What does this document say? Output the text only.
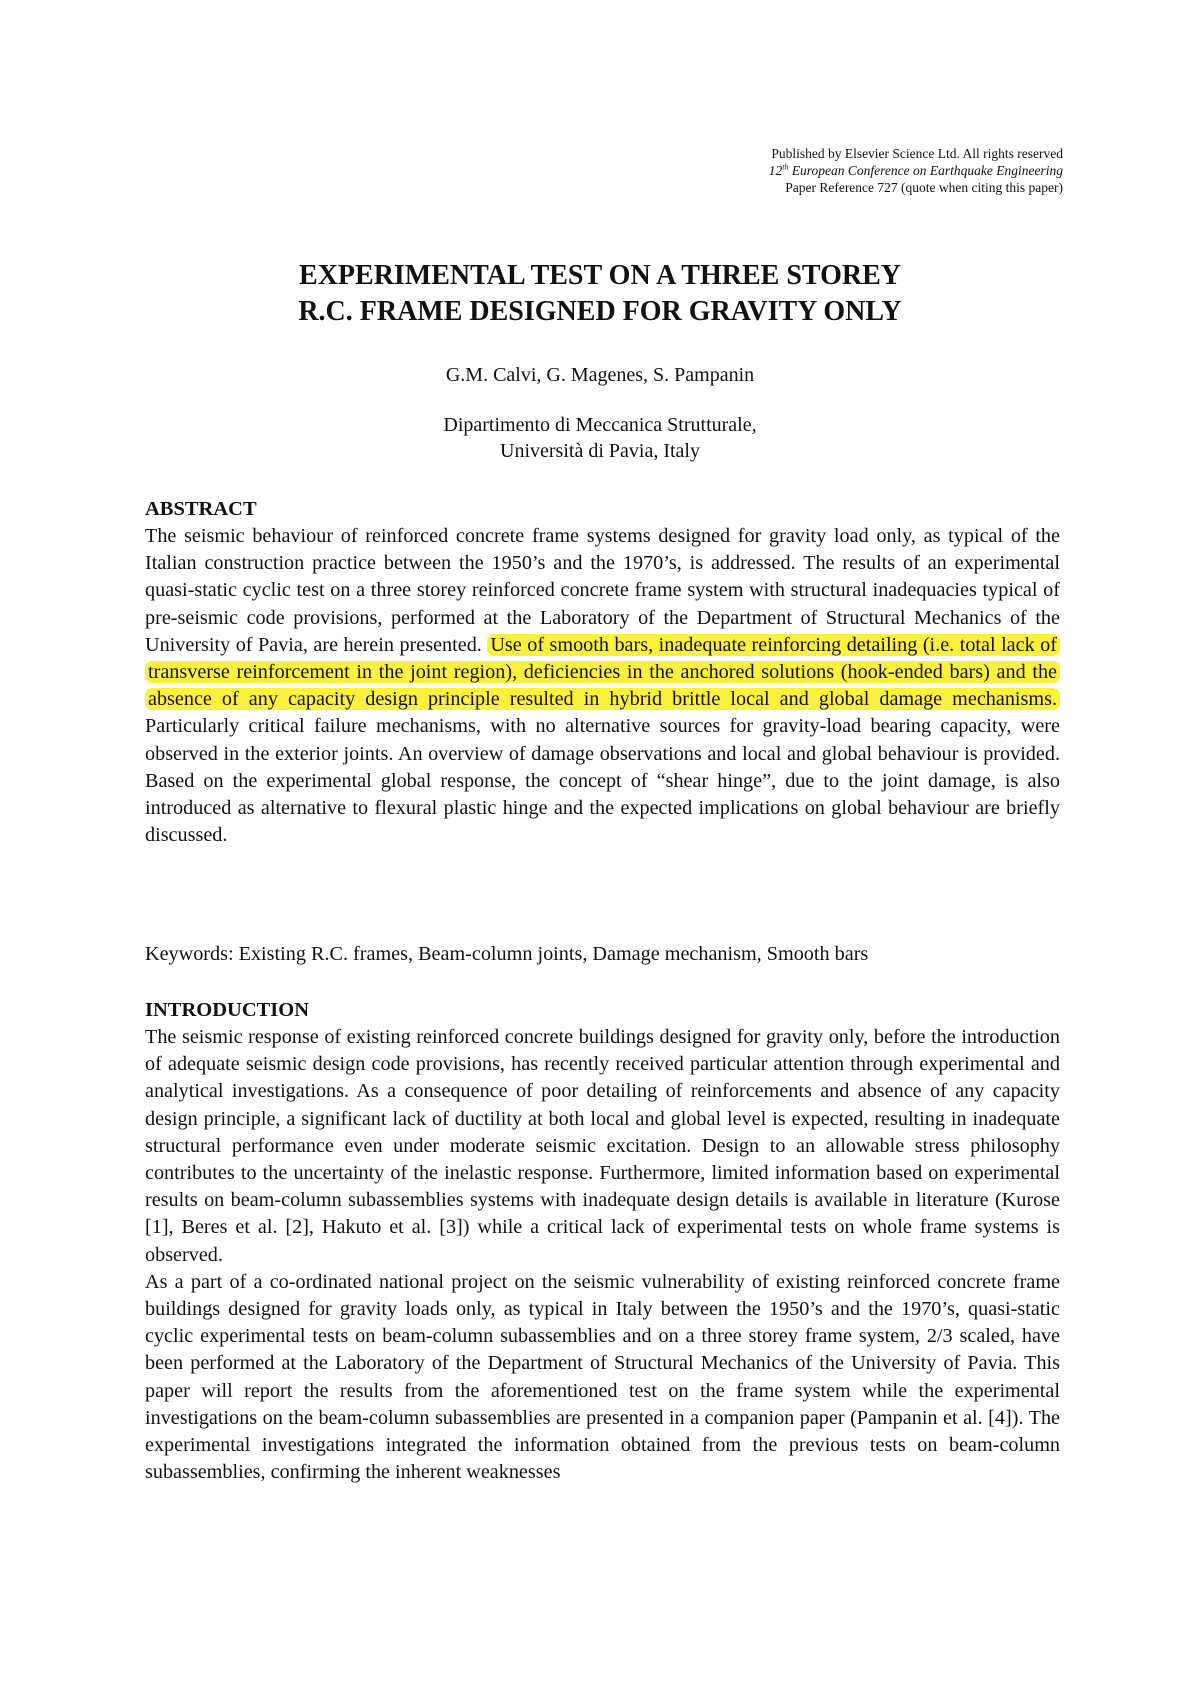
Published by Elsevier Science Ltd. All rights reserved
12th European Conference on Earthquake Engineering
Paper Reference 727 (quote when citing this paper)
EXPERIMENTAL TEST ON A THREE STOREY
R.C. FRAME DESIGNED FOR GRAVITY ONLY
G.M. Calvi, G. Magenes, S. Pampanin
Dipartimento di Meccanica Strutturale,
Università di Pavia, Italy
ABSTRACT

The seismic behaviour of reinforced concrete frame systems designed for gravity load only, as typical of the Italian construction practice between the 1950’s and the 1970’s, is addressed. The results of an experimental quasi-static cyclic test on a three storey reinforced concrete frame system with structural inadequacies typical of pre-seismic code provisions, performed at the Laboratory of the Department of Structural Mechanics of the University of Pavia, are herein presented. Use of smooth bars, inadequate reinforcing detailing (i.e. total lack of transverse reinforcement in the joint region), deficiencies in the anchored solutions (hook-ended bars) and the absence of any capacity design principle resulted in hybrid brittle local and global damage mechanisms. Particularly critical failure mechanisms, with no alternative sources for gravity-load bearing capacity, were observed in the exterior joints. An overview of damage observations and local and global behaviour is provided. Based on the experimental global response, the concept of “shear hinge”, due to the joint damage, is also introduced as alternative to flexural plastic hinge and the expected implications on global behaviour are briefly discussed.

Keywords: Existing R.C. frames, Beam-column joints, Damage mechanism, Smooth bars
INTRODUCTION

The seismic response of existing reinforced concrete buildings designed for gravity only, before the introduction of adequate seismic design code provisions, has recently received particular attention through experimental and analytical investigations. As a consequence of poor detailing of reinforcements and absence of any capacity design principle, a significant lack of ductility at both local and global level is expected, resulting in inadequate structural performance even under moderate seismic excitation. Design to an allowable stress philosophy contributes to the uncertainty of the inelastic response. Furthermore, limited information based on experimental results on beam-column subassemblies systems with inadequate design details is available in literature (Kurose [1], Beres et al. [2], Hakuto et al. [3]) while a critical lack of experimental tests on whole frame systems is observed.

As a part of a co-ordinated national project on the seismic vulnerability of existing reinforced concrete frame buildings designed for gravity loads only, as typical in Italy between the 1950’s and the 1970’s, quasi-static cyclic experimental tests on beam-column subassemblies and on a three storey frame system, 2/3 scaled, have been performed at the Laboratory of the Department of Structural Mechanics of the University of Pavia. This paper will report the results from the aforementioned test on the frame system while the experimental investigations on the beam-column subassemblies are presented in a companion paper (Pampanin et al. [4]). The experimental investigations integrated the information obtained from the previous tests on beam-column subassemblies, confirming the inherent weaknesses
